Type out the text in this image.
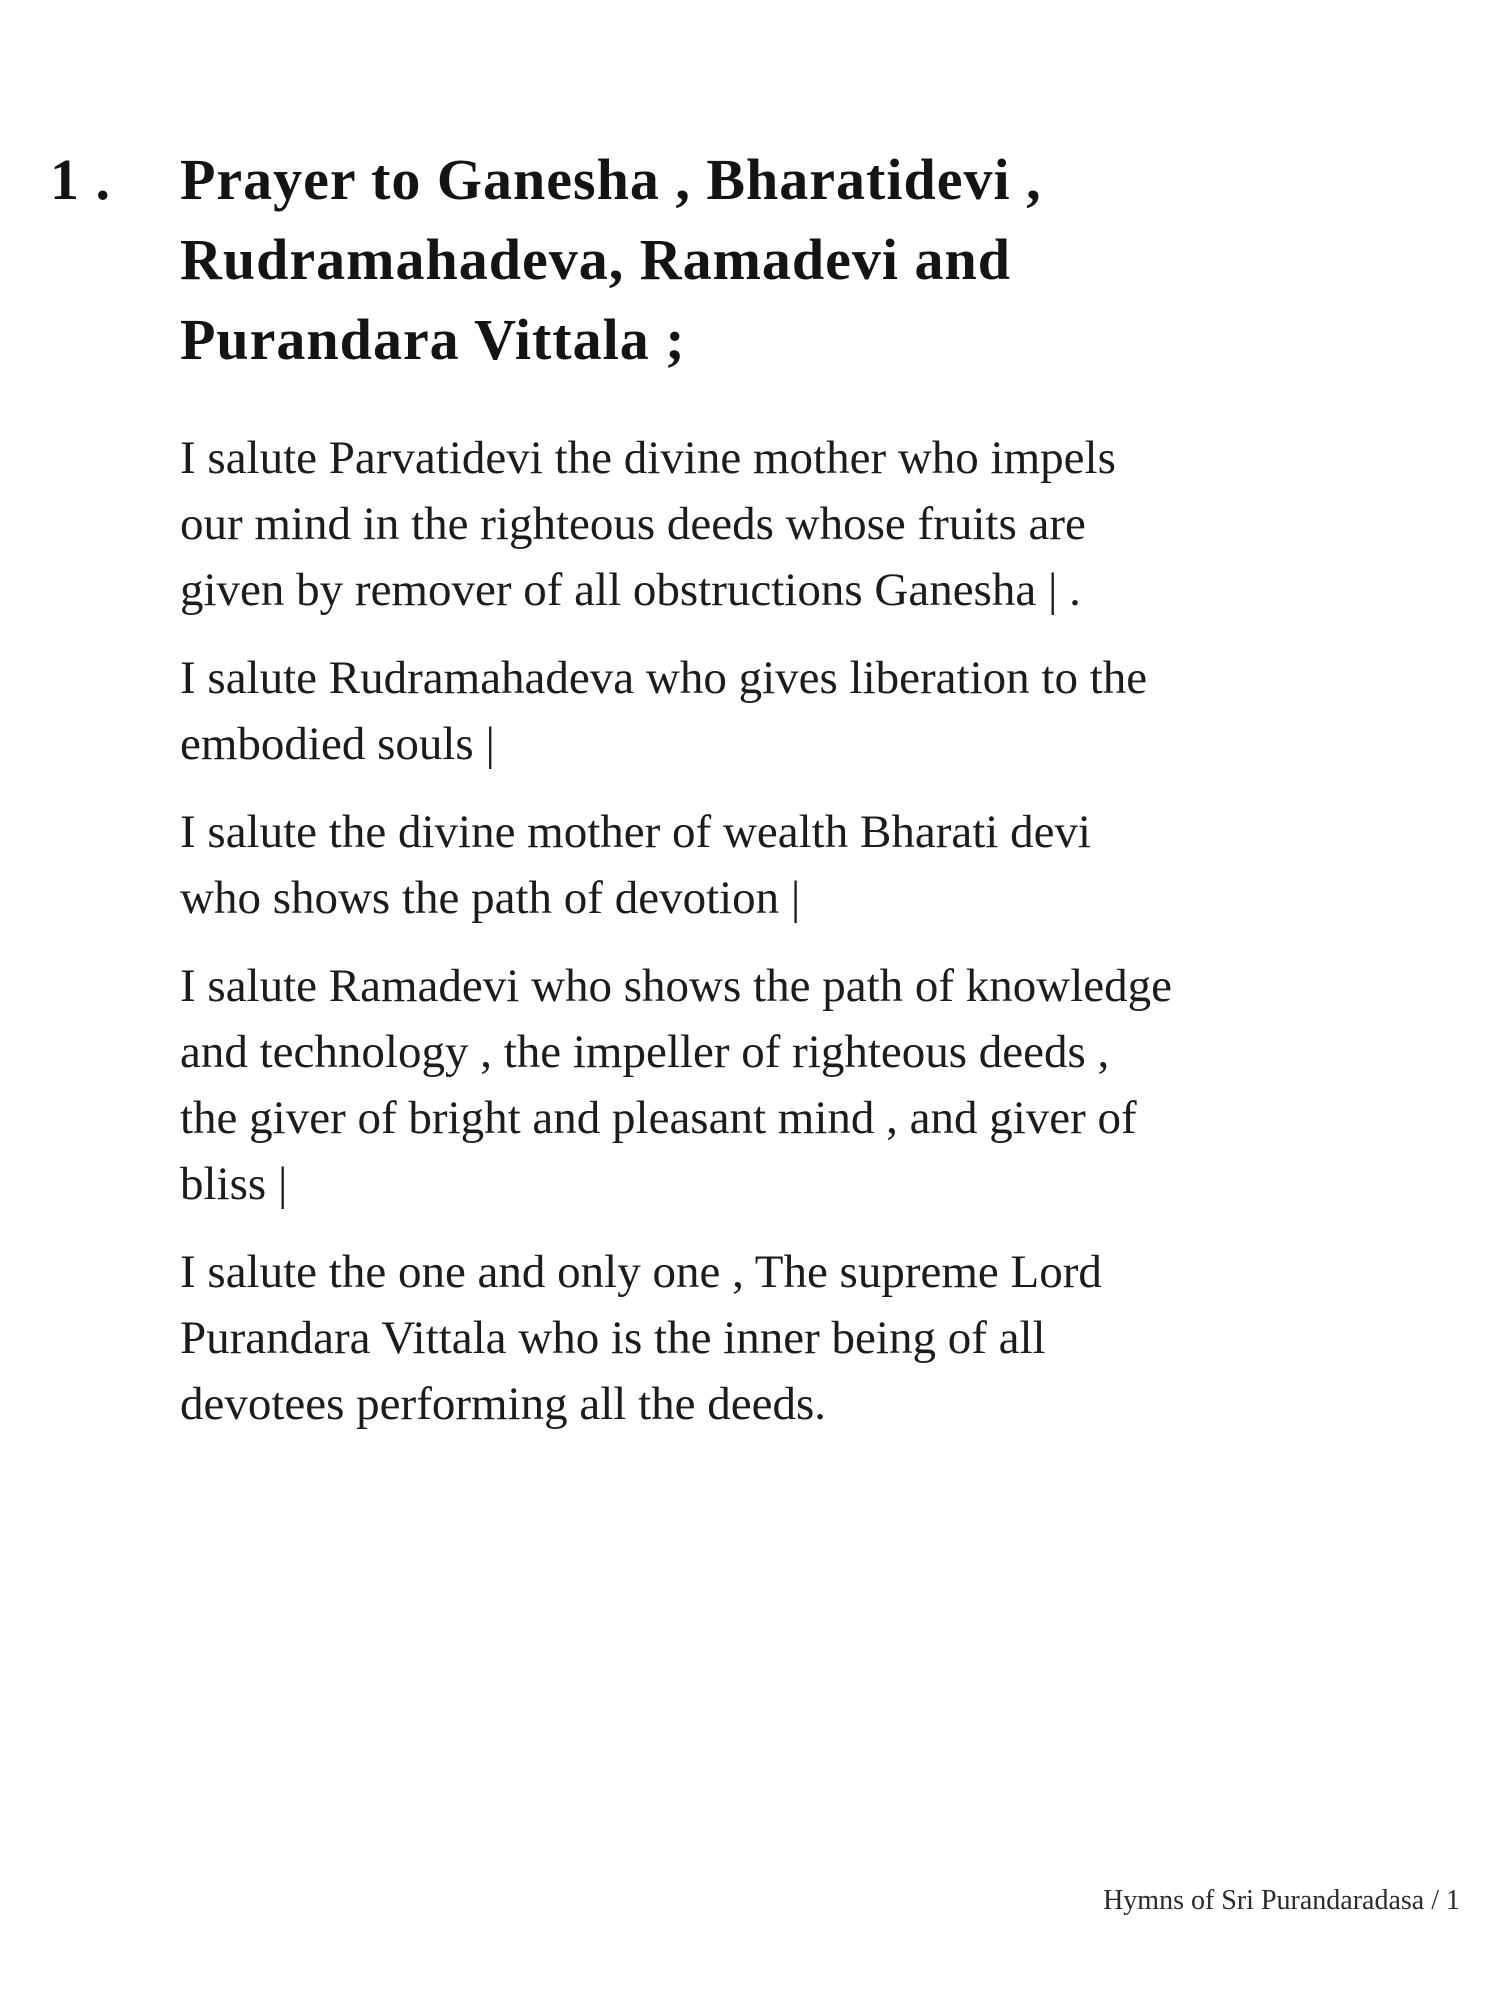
1 .	Prayer to Ganesha , Bharatidevi ,
Rudramahadeva, Ramadevi and
Purandara Vittala ;

I salute Parvatidevi the divine mother who impels
our mind in the righteous deeds whose fruits are
given by remover of all obstructions Ganesha | .

I salute Rudramahadeva who gives liberation to the
embodied souls |

I salute the divine mother of wealth Bharati devi
who shows the path of devotion |

I salute Ramadevi who shows the path of knowledge
and technology , the impeller of righteous deeds ,
the giver of bright and pleasant mind , and giver of
bliss |

I salute the one and only one , The supreme Lord
Purandara Vittala who is the inner being of all
devotees performing all the deeds.

Hymns of Sri Purandaradasa / 1
